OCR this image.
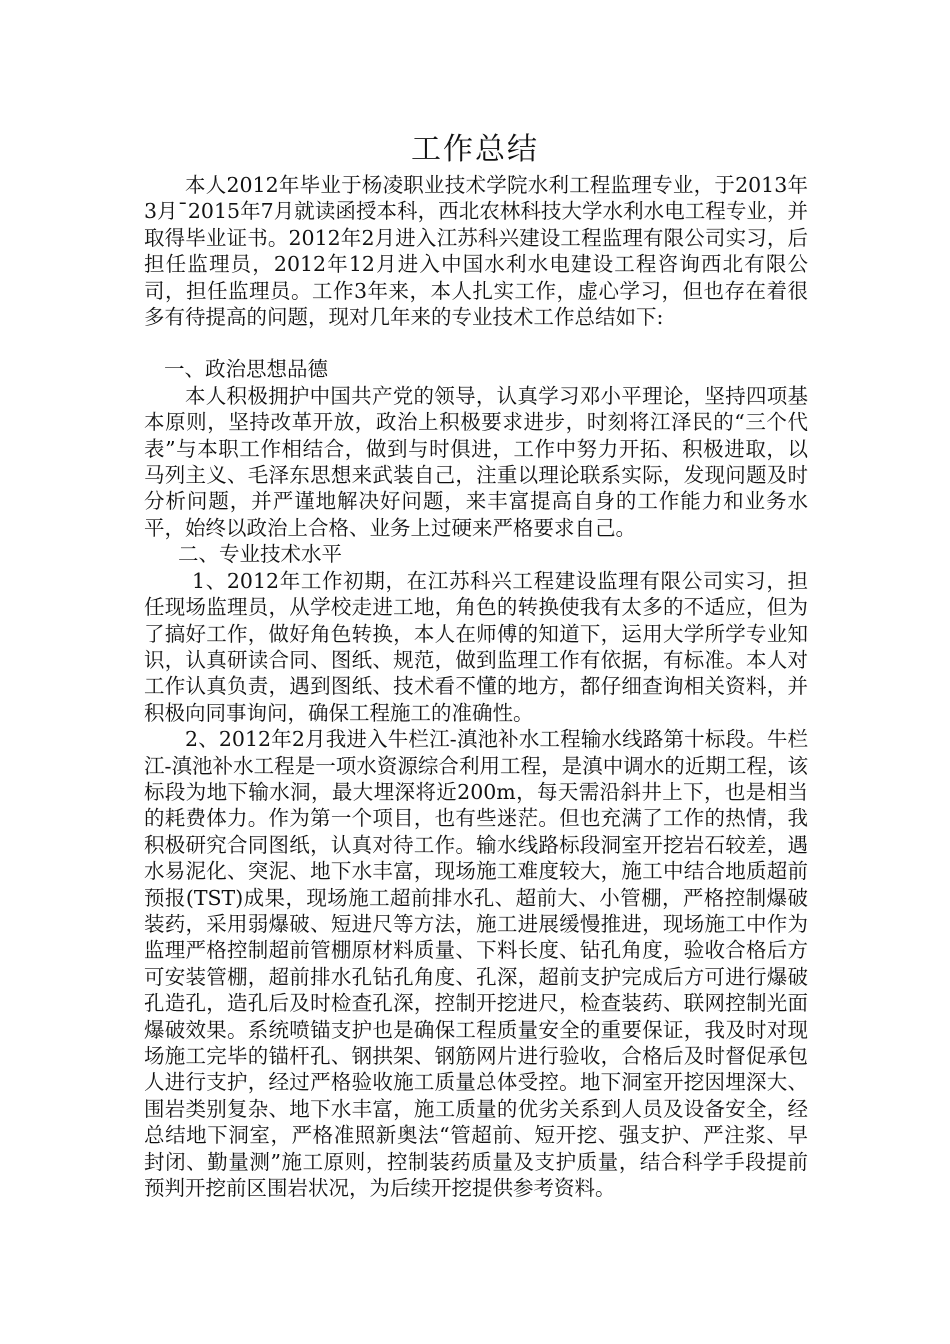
工作总结

本人2012年毕业于杨凌职业技术学院水利工程监理专业，于2013年3月¯2015年7月就读函授本科，西北农林科技大学水利水电工程专业，并取得毕业证书。2012年2月进入江苏科兴建设工程监理有限公司实习，后担任监理员，2012年12月进入中国水利水电建设工程咨询西北有限公司，担任监理员。工作3年来，本人扎实工作，虚心学习，但也存在着很多有待提高的问题，现对几年来的专业技术工作总结如下:

一、政治思想品德

本人积极拥护中国共产党的领导，认真学习邓小平理论，坚持四项基本原则，坚持改革开放，政治上积极要求进步，时刻将江泽民的“三个代表”与本职工作相结合，做到与时俱进，工作中努力开拓、积极进取，以马列主义、毛泽东思想来武装自己，注重以理论联系实际，发现问题及时分析问题，并严谨地解决好问题，来丰富提高自身的工作能力和业务水平，始终以政治上合格、业务上过硬来严格要求自己。

二、专业技术水平

1、2012年工作初期，在江苏科兴工程建设监理有限公司实习，担任现场监理员，从学校走进工地，角色的转换使我有太多的不适应，但为了搞好工作，做好角色转换，本人在师傅的知道下，运用大学所学专业知识，认真研读合同、图纸、规范，做到监理工作有依据，有标准。本人对工作认真负责，遇到图纸、技术看不懂的地方，都仔细查询相关资料，并积极向同事询问，确保工程施工的准确性。

2、2012年2月我进入牛栏江-滇池补水工程输水线路第十标段。牛栏江-滇池补水工程是一项水资源综合利用工程，是滇中调水的近期工程，该标段为地下输水洞，最大埋深将近200m，每天需沿斜井上下，也是相当的耗费体力。作为第一个项目，也有些迷茫。但也充满了工作的热情，我积极研究合同图纸，认真对待工作。输水线路标段洞室开挖岩石较差，遇水易泥化、突泥、地下水丰富，现场施工难度较大，施工中结合地质超前预报(TST)成果，现场施工超前排水孔、超前大、小管棚，严格控制爆破装药，采用弱爆破、短进尺等方法，施工进展缓慢推进，现场施工中作为监理严格控制超前管棚原材料质量、下料长度、钻孔角度，验收合格后方可安装管棚，超前排水孔钻孔角度、孔深，超前支护完成后方可进行爆破孔造孔，造孔后及时检查孔深，控制开挖进尺，检查装药、联网控制光面爆破效果。系统喷锚支护也是确保工程质量安全的重要保证，我及时对现场施工完毕的锚杆孔、钢拱架、钢筋网片进行验收，合格后及时督促承包人进行支护，经过严格验收施工质量总体受控。地下洞室开挖因埋深大、围岩类别复杂、地下水丰富，施工质量的优劣关系到人员及设备安全，经总结地下洞室，严格准照新奥法“管超前、短开挖、强支护、严注浆、早封闭、勤量测”施工原则，控制装药质量及支护质量，结合科学手段提前预判开挖前区围岩状况，为后续开挖提供参考资料。
